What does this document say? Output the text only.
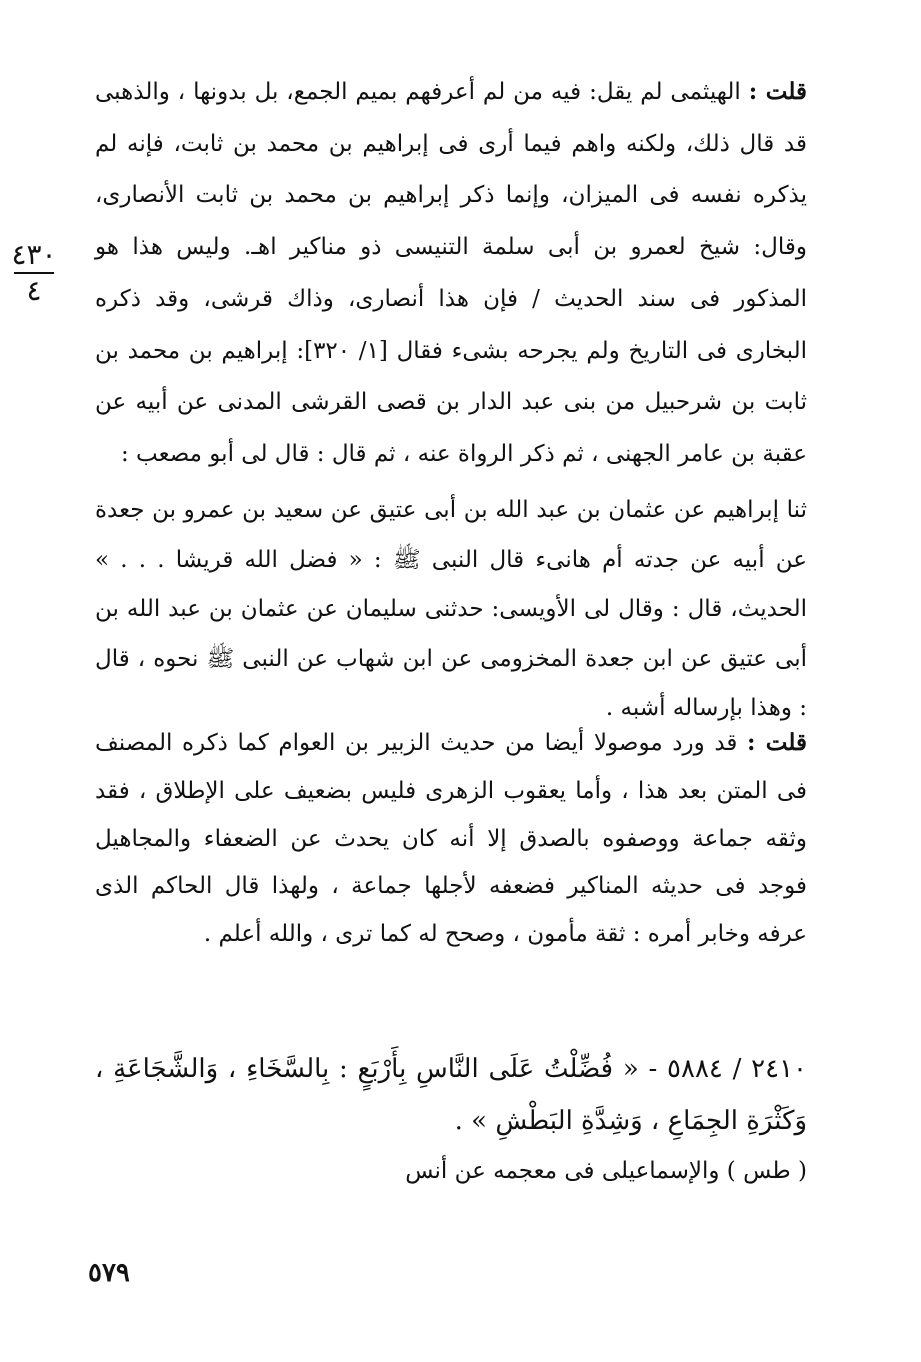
٤٣٠
٤
قلت : الهيثمى لم يقل: فيه من لم أعرفهم بميم الجمع، بل بدونها ، والذهبى قد قال ذلك، ولكنه واهم فيما أرى فى إبراهيم بن محمد بن ثابت، فإنه لم يذكره نفسه فى الميزان، وإنما ذكر إبراهيم بن محمد بن ثابت الأنصارى، وقال: شيخ لعمرو بن أبى سلمة التنيسى ذو مناكير اهـ. وليس هذا هو المذكور فى سند الحديث / فإن هذا أنصارى، وذاك قرشى، وقد ذكره البخارى فى التاريخ ولم يجرحه بشىء فقال [١/ ٣٢٠]: إبراهيم بن محمد بن ثابت بن شرحبيل من بنى عبد الدار بن قصى القرشى المدنى عن أبيه عن عقبة بن عامر الجهنى ، ثم ذكر الرواة عنه ، ثم قال : قال لى أبو مصعب :
ثنا إبراهيم عن عثمان بن عبد الله بن أبى عتيق عن سعيد بن عمرو بن جعدة عن أبيه عن جدته أم هانىء قال النبى ﷺ : « فضل الله قريشا . . . » الحديث، قال : وقال لى الأويسى: حدثنى سليمان عن عثمان بن عبد الله بن أبى عتيق عن ابن جعدة المخزومى عن ابن شهاب عن النبى ﷺ نحوه ، قال : وهذا بإرساله أشبه .
قلت : قد ورد موصولا أيضا من حديث الزبير بن العوام كما ذكره المصنف فى المتن بعد هذا ، وأما يعقوب الزهرى فليس بضعيف على الإطلاق ، فقد وثقه جماعة ووصفوه بالصدق إلا أنه كان يحدث عن الضعفاء والمجاهيل فوجد فى حديثه المناكير فضعفه لأجلها جماعة ، ولهذا قال الحاكم الذى عرفه وخابر أمره : ثقة مأمون ، وصحح له كما ترى ، والله أعلم .
٢٤١٠ / ٥٨٨٤ - « فُضِّلْتُ عَلَى النَّاسِ بِأَرْبَعٍ : بِالسَّخَاءِ ، وَالشَّجَاعَةِ ، وَكَثْرَةِ الجِمَاعِ ، وَشِدَّةِ البَطْشِ » .
( طس ) والإسماعيلى فى معجمه عن أنس
٥٧٩
